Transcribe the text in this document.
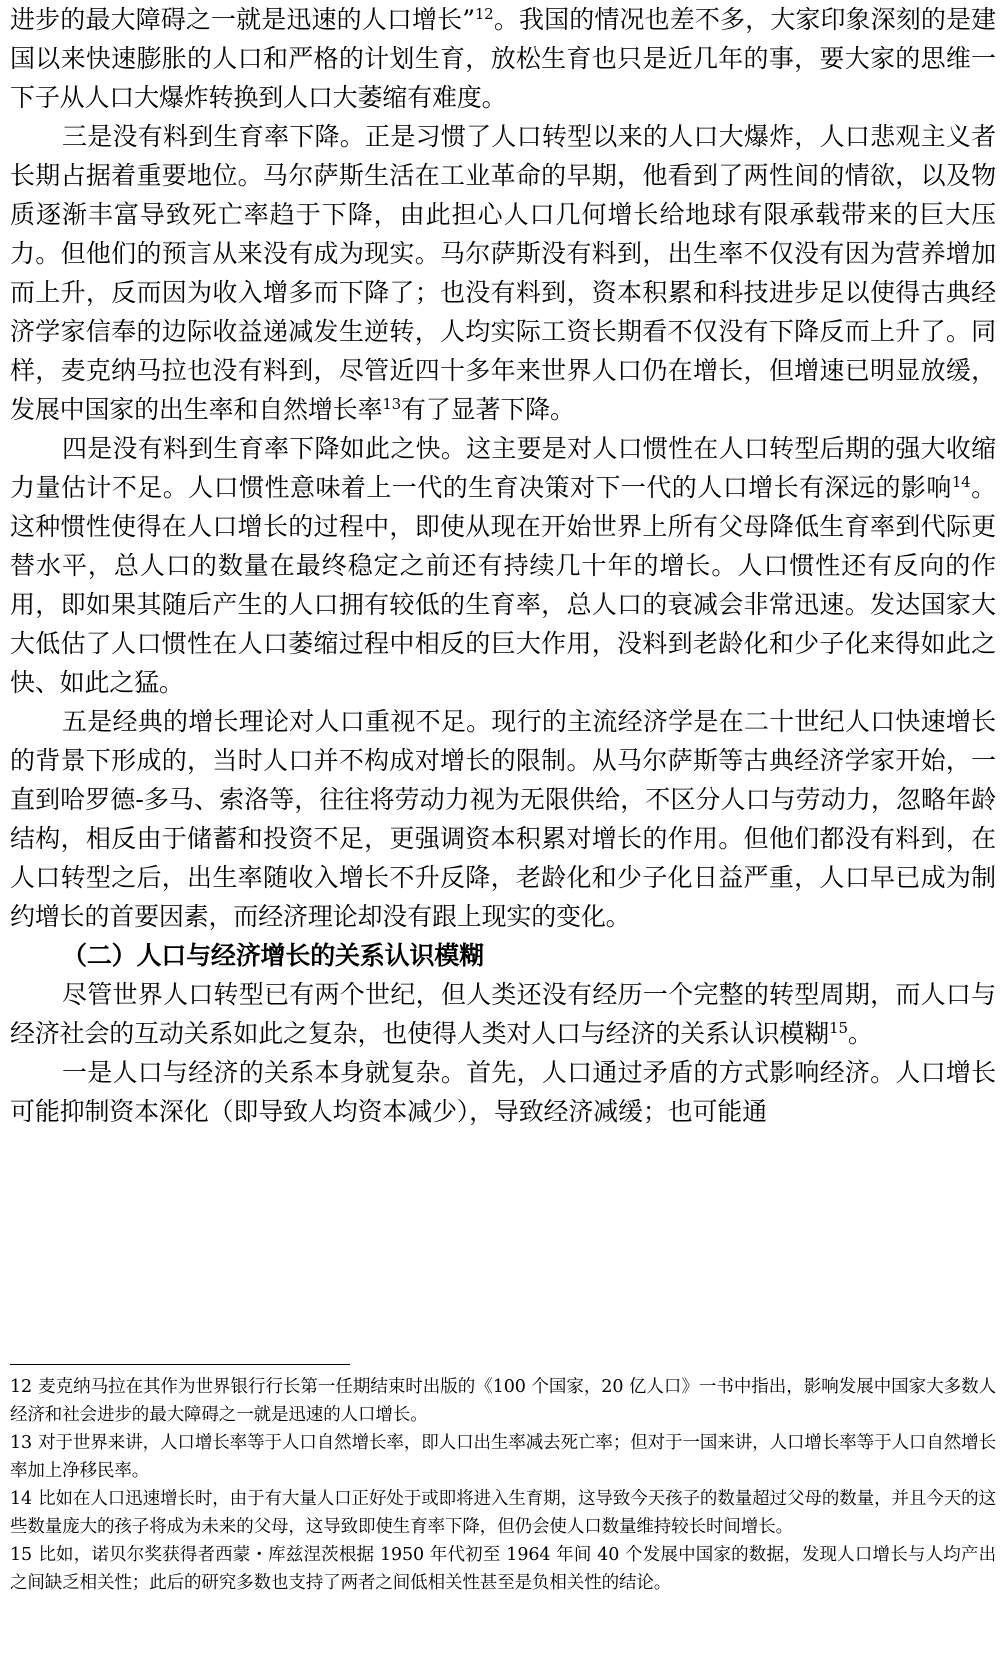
进步的最大障碍之一就是迅速的人口增长”$^{12}$。我国的情况也差不多，大家印象深刻的是建国以来快速膨胀的人口和严格的计划生育，放松生育也只是近几年的事，要大家的思维一下子从人口大爆炸转换到人口大萎缩有难度。

三是没有料到生育率下降。正是习惯了人口转型以来的人口大爆炸，人口悲观主义者长期占据着重要地位。马尔萨斯生活在工业革命的早期，他看到了两性间的情欲，以及物质逐渐丰富导致死亡率趋于下降，由此担心人口几何增长给地球有限承载带来的巨大压力。但他们的预言从来没有成为现实。马尔萨斯没有料到，出生率不仅没有因为营养增加而上升，反而因为收入增多而下降了；也没有料到，资本积累和科技进步足以使得古典经济学家信奉的边际收益递减发生逆转，人均实际工资长期看不仅没有下降反而上升了。同样，麦克纳马拉也没有料到，尽管近四十多年来世界人口仍在增长，但增速已明显放缓，发展中国家的出生率和自然增长率$^{13}$有了显著下降。

四是没有料到生育率下降如此之快。这主要是对人口惯性在人口转型后期的强大收缩力量估计不足。人口惯性意味着上一代的生育决策对下一代的人口增长有深远的影响$^{14}$。这种惯性使得在人口增长的过程中，即使从现在开始世界上所有父母降低生育率到代际更替水平，总人口的数量在最终稳定之前还有持续几十年的增长。人口惯性还有反向的作用，即如果其随后产生的人口拥有较低的生育率，总人口的衰减会非常迅速。发达国家大大低估了人口惯性在人口萎缩过程中相反的巨大作用，没料到老龄化和少子化来得如此之快、如此之猛。

五是经典的增长理论对人口重视不足。现行的主流经济学是在二十世纪人口快速增长的背景下形成的，当时人口并不构成对增长的限制。从马尔萨斯等古典经济学家开始，一直到哈罗德-多马、索洛等，往往将劳动力视为无限供给，不区分人口与劳动力，忽略年龄结构，相反由于储蓄和投资不足，更强调资本积累对增长的作用。但他们都没有料到，在人口转型之后，出生率随收入增长不升反降，老龄化和少子化日益严重，人口早已成为制约增长的首要因素，而经济理论却没有跟上现实的变化。

（二）人口与经济增长的关系认识模糊

尽管世界人口转型已有两个世纪，但人类还没有经历一个完整的转型周期，而人口与经济社会的互动关系如此之复杂，也使得人类对人口与经济的关系认识模糊$^{15}$。

一是人口与经济的关系本身就复杂。首先，人口通过矛盾的方式影响经济。人口增长可能抑制资本深化（即导致人均资本减少），导致经济减缓；也可能通

12 麦克纳马拉在其作为世界银行行长第一任期结束时出版的《100 个国家，20 亿人口》一书中指出，影响发展中国家大多数人经济和社会进步的最大障碍之一就是迅速的人口增长。

13 对于世界来讲，人口增长率等于人口自然增长率，即人口出生率减去死亡率；但对于一国来讲，人口增长率等于人口自然增长率加上净移民率。

14 比如在人口迅速增长时，由于有大量人口正好处于或即将进入生育期，这导致今天孩子的数量超过父母的数量，并且今天的这些数量庞大的孩子将成为未来的父母，这导致即使生育率下降，但仍会使人口数量维持较长时间增长。

15 比如，诺贝尔奖获得者西蒙・库兹涅茨根据 1950 年代初至 1964 年间 40 个发展中国家的数据，发现人口增长与人均产出之间缺乏相关性；此后的研究多数也支持了两者之间低相关性甚至是负相关性的结论。
